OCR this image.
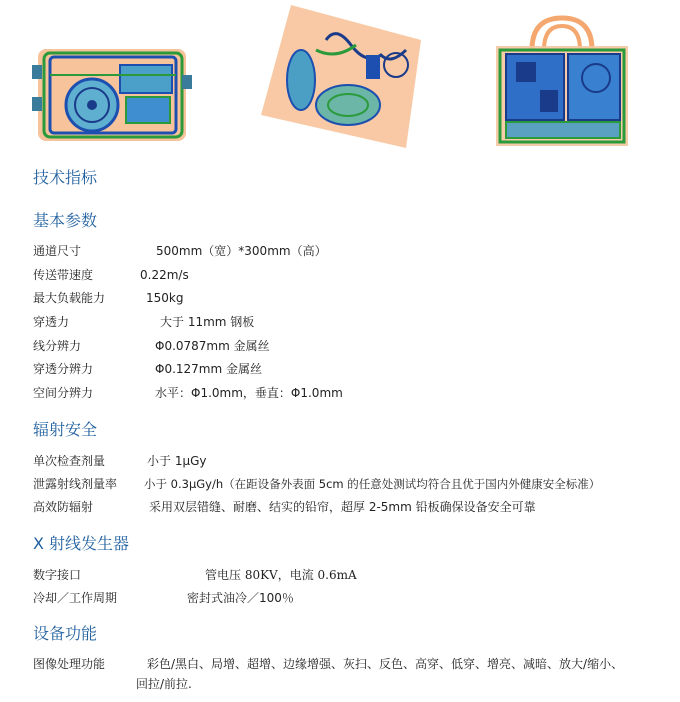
技术指标
基本参数
通道尺寸	500mm（宽）*300mm（高）
传送带速度	0.22m/s
最大负载能力	150kg
穿透力	大于 11mm 钢板
线分辨力	Φ0.0787mm 金属丝
穿透分辨力	Φ0.127mm 金属丝
空间分辨力	水平：Φ1.0mm，垂直：Φ1.0mm
辐射安全
单次检查剂量	小于 1μGy
泄露射线剂量率 小于 0.3μGy/h（在距设备外表面 5cm 的任意处测试均符合且优于国内外健康安全标准）
高效防辐射	采用双层错缝、耐磨、结实的铅帘，超厚 2-5mm 铅板确保设备安全可靠
X 射线发生器
数字接口	管电压 80KV，电流 0.6mA
冷却／工作周期	密封式油冷／100％
设备功能
图像处理功能	彩色/黑白、局增、超增、边缘增强、灰扫、反色、高穿、低穿、增亮、减暗、放大/缩小、
回拉/前拉.
